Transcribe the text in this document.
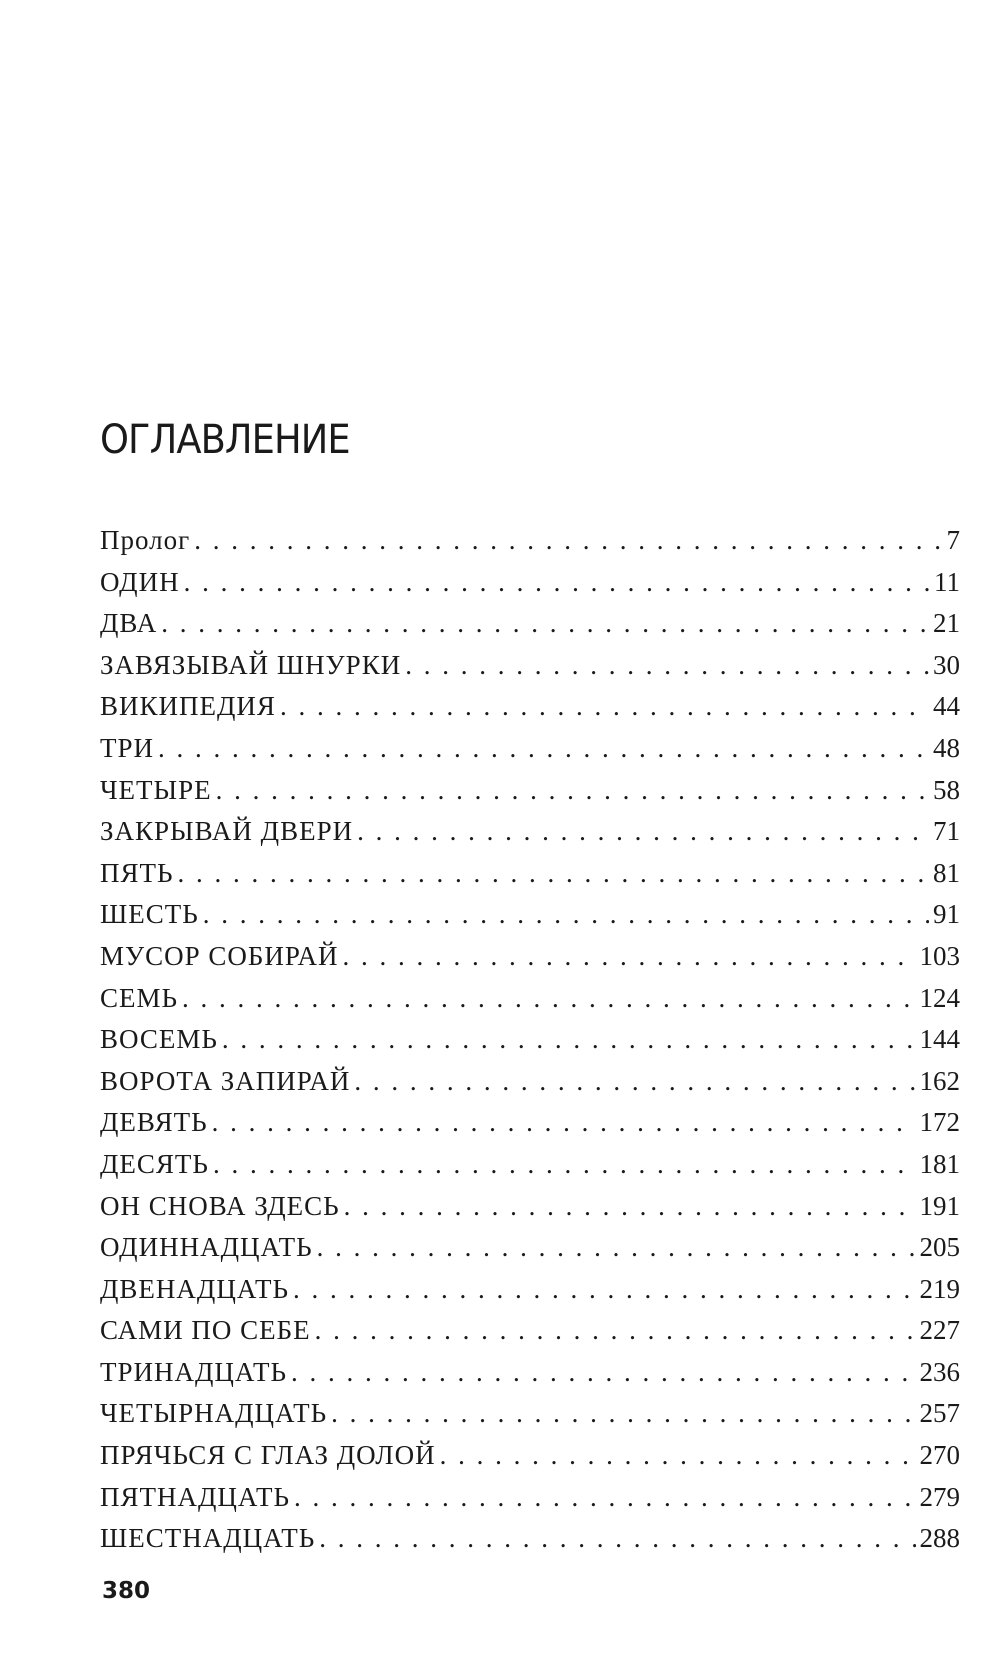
ОГЛАВЛЕНИЕ
Пролог . . .	7
ОДИН . . .	11
ДВА . . .	21
ЗАВЯЗЫВАЙ ШНУРКИ . . .	30
ВИКИПЕДИЯ . . .	44
ТРИ . . .	48
ЧЕТЫРЕ . . .	58
ЗАКРЫВАЙ ДВЕРИ . . .	71
ПЯТЬ . . .	81
ШЕСТЬ . . .	91
МУСОР СОБИРАЙ . . .	103
СЕМЬ . . .	124
ВОСЕМЬ . . .	144
ВОРОТА ЗАПИРАЙ . . .	162
ДЕВЯТЬ . . .	172
ДЕСЯТЬ . . .	181
ОН СНОВА ЗДЕСЬ . . .	191
ОДИННАДЦАТЬ . . .	205
ДВЕНАДЦАТЬ . . .	219
САМИ ПО СЕБЕ . . .	227
ТРИНАДЦАТЬ . . .	236
ЧЕТЫРНАДЦАТЬ . . .	257
ПРЯЧЬСЯ С ГЛАЗ ДОЛОЙ . . .	270
ПЯТНАДЦАТЬ . . .	279
ШЕСТНАДЦАТЬ . . .	288
380
